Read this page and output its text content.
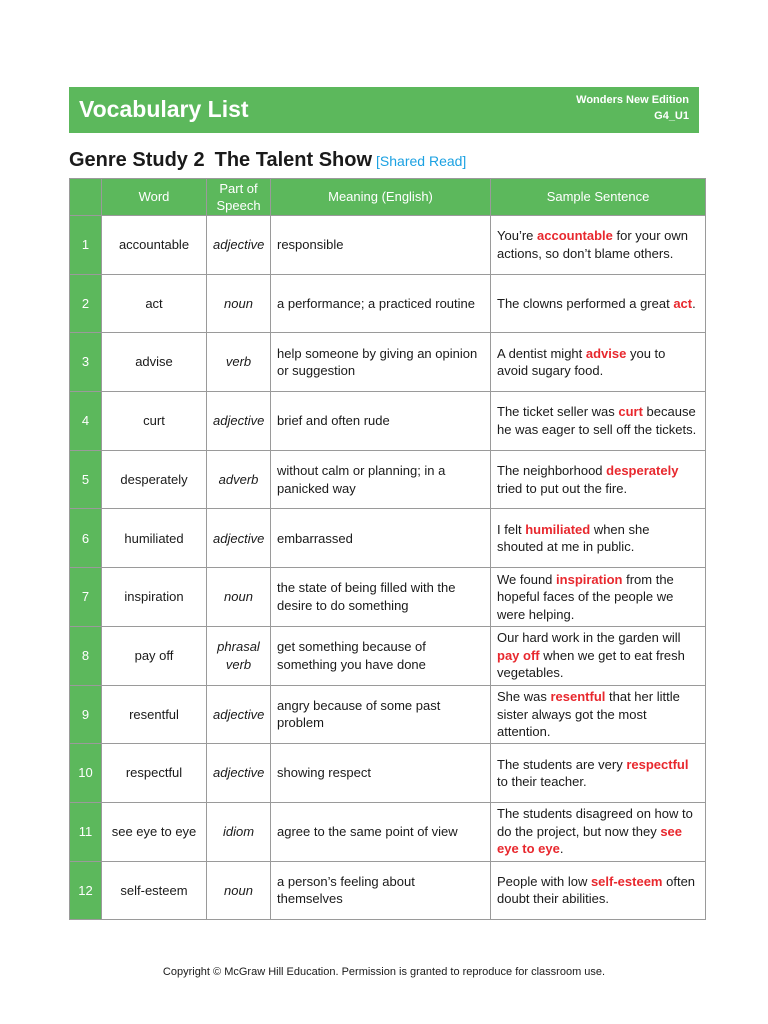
Vocabulary List	Wonders New Edition
G4_U1
Genre Study 2 The Talent Show [Shared Read]
	Word	Part of Speech	Meaning (English)	Sample Sentence
1	accountable	adjective	responsible	You’re accountable for your own actions, so don’t blame others.
2	act	noun	a performance; a practiced routine	The clowns performed a great act.
3	advise	verb	help someone by giving an opinion or suggestion	A dentist might advise you to avoid sugary food.
4	curt	adjective	brief and often rude	The ticket seller was curt because he was eager to sell off the tickets.
5	desperately	adverb	without calm or planning; in a panicked way	The neighborhood desperately tried to put out the fire.
6	humiliated	adjective	embarrassed	I felt humiliated when she shouted at me in public.
7	inspiration	noun	the state of being filled with the desire to do something	We found inspiration from the hopeful faces of the people we were helping.
8	pay off	phrasal verb	get something because of something you have done	Our hard work in the garden will pay off when we get to eat fresh vegetables.
9	resentful	adjective	angry because of some past problem	She was resentful that her little sister always got the most attention.
10	respectful	adjective	showing respect	The students are very respectful to their teacher.
11	see eye to eye	idiom	agree to the same point of view	The students disagreed on how to do the project, but now they see eye to eye.
12	self-esteem	noun	a person’s feeling about themselves	People with low self-esteem often doubt their abilities.
Copyright © McGraw Hill Education. Permission is granted to reproduce for classroom use.
